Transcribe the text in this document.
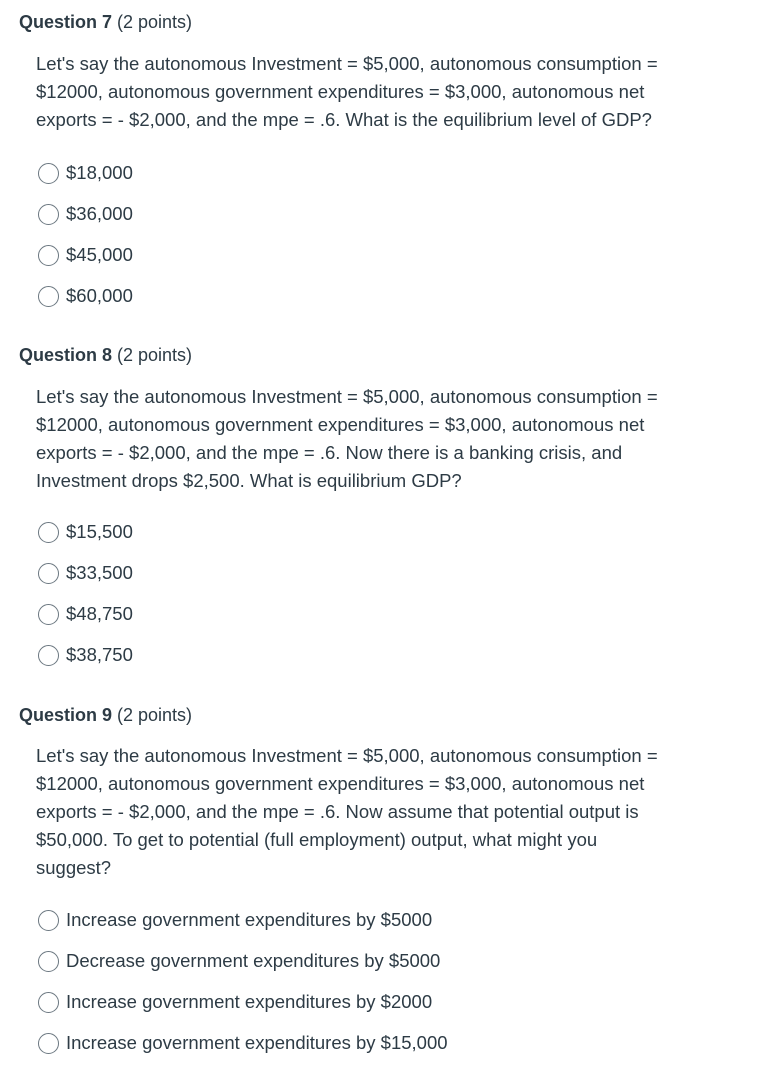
Question 7 (2 points)
Let's say the autonomous Investment = $5,000, autonomous consumption =
$12000, autonomous government expenditures = $3,000, autonomous net
exports = - $2,000, and the mpe = .6. What is the equilibrium level of GDP?
$18,000
$36,000
$45,000
$60,000
Question 8 (2 points)
Let's say the autonomous Investment = $5,000, autonomous consumption =
$12000, autonomous government expenditures = $3,000, autonomous net
exports = - $2,000, and the mpe = .6. Now there is a banking crisis, and
Investment drops $2,500. What is equilibrium GDP?
$15,500
$33,500
$48,750
$38,750
Question 9 (2 points)
Let's say the autonomous Investment = $5,000, autonomous consumption =
$12000, autonomous government expenditures = $3,000, autonomous net
exports = - $2,000, and the mpe = .6. Now assume that potential output is
$50,000. To get to potential (full employment) output, what might you
suggest?
Increase government expenditures by $5000
Decrease government expenditures by $5000
Increase government expenditures by $2000
Increase government expenditures by $15,000
